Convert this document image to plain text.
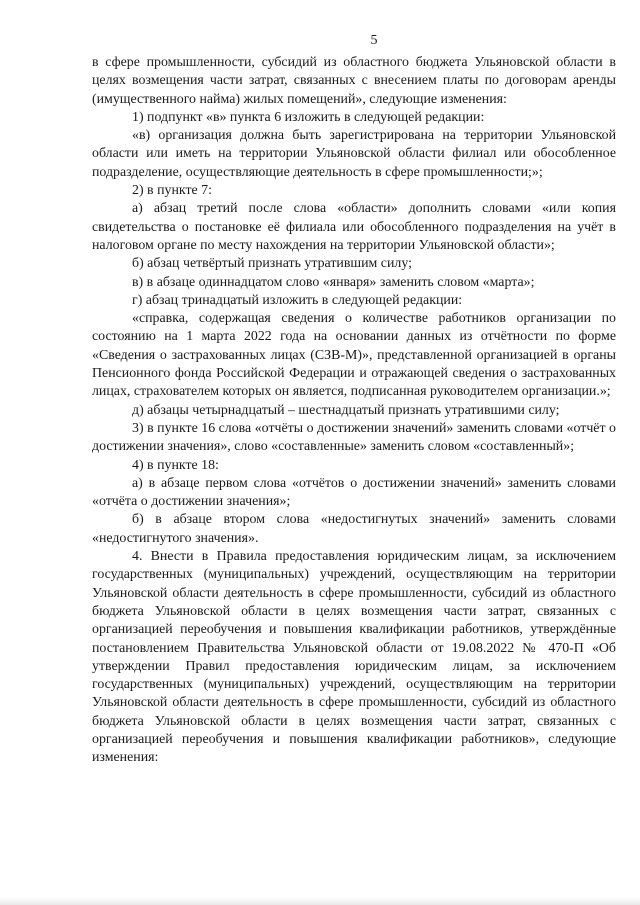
5

в сфере промышленности, субсидий из областного бюджета Ульяновской области в целях возмещения части затрат, связанных с внесением платы по договорам аренды (имущественного найма) жилых помещений», следующие изменения:

1) подпункт «в» пункта 6 изложить в следующей редакции:

«в) организация должна быть зарегистрирована на территории Ульяновской области или иметь на территории Ульяновской области филиал или обособленное подразделение, осуществляющие деятельность в сфере промышленности;»;

2) в пункте 7:

а) абзац третий после слова «области» дополнить словами «или копия свидетельства о постановке её филиала или обособленного подразделения на учёт в налоговом органе по месту нахождения на территории Ульяновской области»;

б) абзац четвёртый признать утратившим силу;

в) в абзаце одиннадцатом слово «января» заменить словом «марта»;

г) абзац тринадцатый изложить в следующей редакции:

«справка, содержащая сведения о количестве работников организации по состоянию на 1 марта 2022 года на основании данных из отчётности по форме «Сведения о застрахованных лицах (СЗВ-М)», представленной организацией в органы Пенсионного фонда Российской Федерации и отражающей сведения о застрахованных лицах, страхователем которых он является, подписанная руководителем организации.»;

д) абзацы четырнадцатый – шестнадцатый признать утратившими силу;

3) в пункте 16 слова «отчёты о достижении значений» заменить словами «отчёт о достижении значения», слово «составленные» заменить словом «составленный»;

4) в пункте 18:

а) в абзаце первом слова «отчётов о достижении значений» заменить словами «отчёта о достижении значения»;

б) в абзаце втором слова «недостигнутых значений» заменить словами «недостигнутого значения».

4. Внести в Правила предоставления юридическим лицам, за исключением государственных (муниципальных) учреждений, осуществляющим на территории Ульяновской области деятельность в сфере промышленности, субсидий из областного бюджета Ульяновской области в целях возмещения части затрат, связанных с организацией переобучения и повышения квалификации работников, утверждённые постановлением Правительства Ульяновской области от 19.08.2022 № 470-П «Об утверждении Правил предоставления юридическим лицам, за исключением государственных (муниципальных) учреждений, осуществляющим на территории Ульяновской области деятельность в сфере промышленности, субсидий из областного бюджета Ульяновской области в целях возмещения части затрат, связанных с организацией переобучения и повышения квалификации работников», следующие изменения:
